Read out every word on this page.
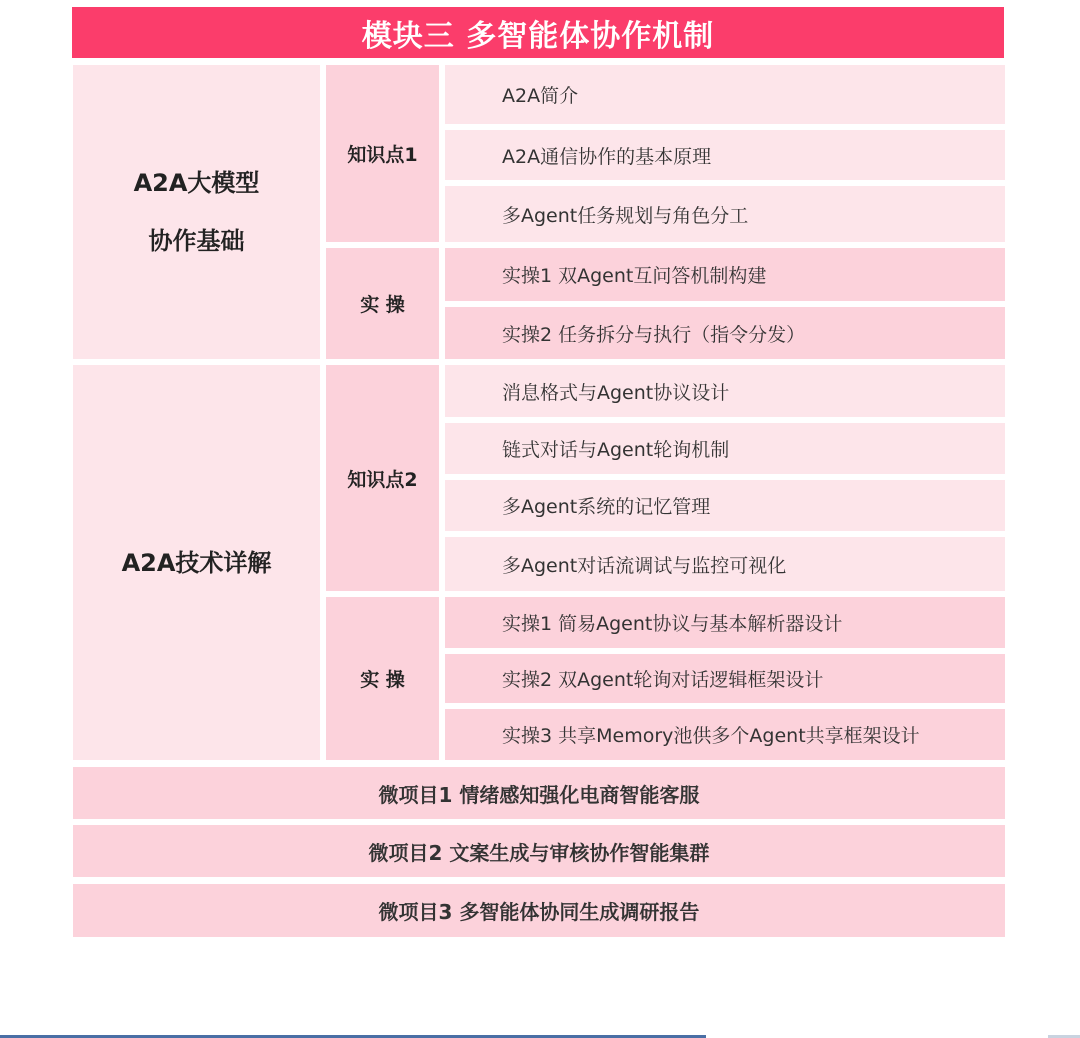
模块三 多智能体协作机制
A2A大模型
协作基础
知识点1
A2A简介
A2A通信协作的基本原理
多Agent任务规划与角色分工
实 操
实操1 双Agent互问答机制构建
实操2 任务拆分与执行（指令分发）
A2A技术详解
知识点2
消息格式与Agent协议设计
链式对话与Agent轮询机制
多Agent系统的记忆管理
多Agent对话流调试与监控可视化
实 操
实操1 简易Agent协议与基本解析器设计
实操2 双Agent轮询对话逻辑框架设计
实操3 共享Memory池供多个Agent共享框架设计
微项目1 情绪感知强化电商智能客服
微项目2 文案生成与审核协作智能集群
微项目3 多智能体协同生成调研报告
